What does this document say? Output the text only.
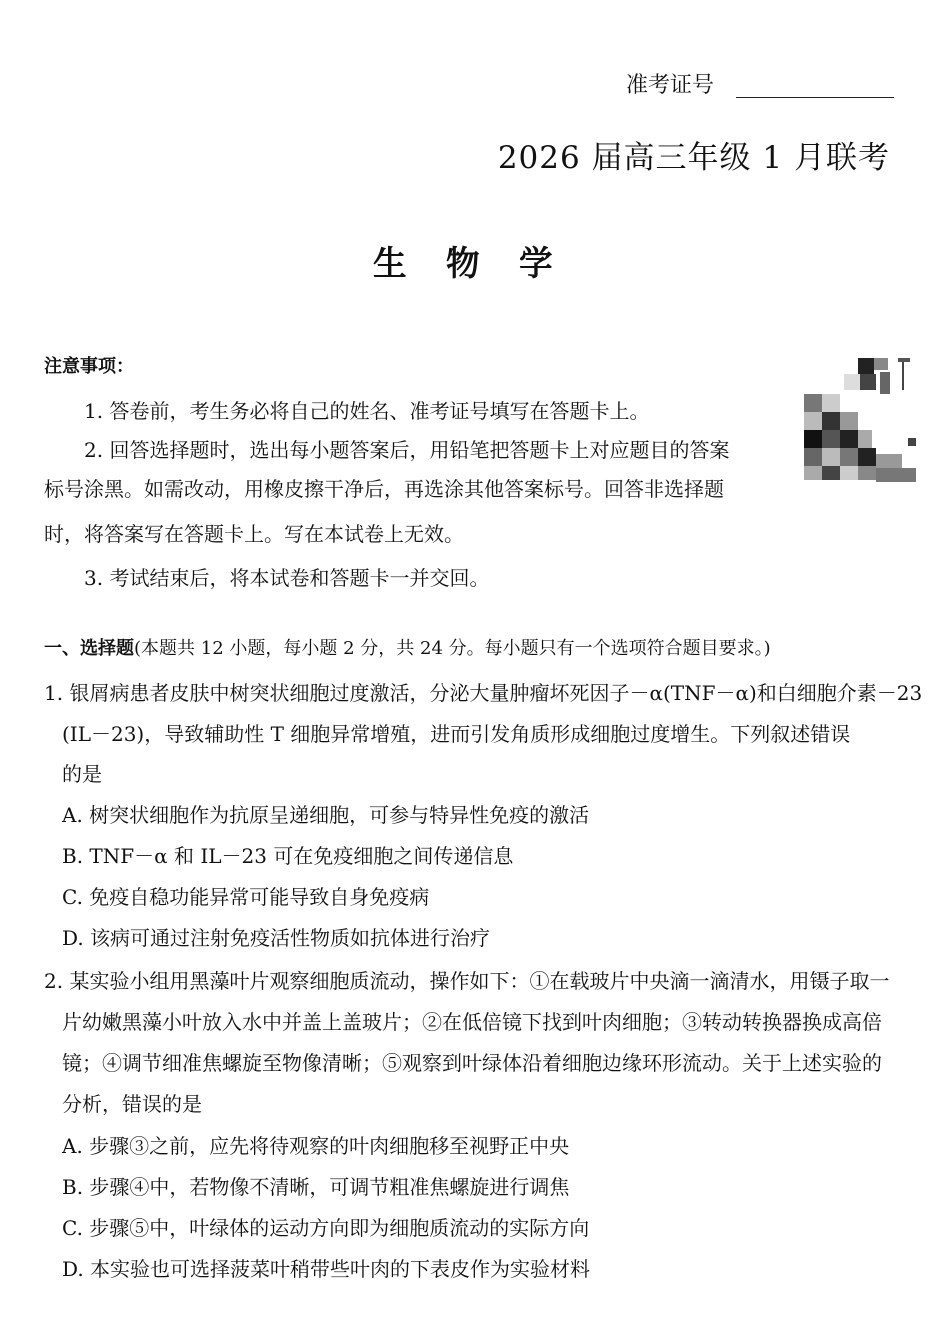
准考证号
2026 届高三年级 1 月联考
生 物 学
注意事项：
1. 答卷前，考生务必将自己的姓名、准考证号填写在答题卡上。
2. 回答选择题时，选出每小题答案后，用铅笔把答题卡上对应题目的答案
标号涂黑。如需改动，用橡皮擦干净后，再选涂其他答案标号。回答非选择题
时，将答案写在答题卡上。写在本试卷上无效。
3. 考试结束后，将本试卷和答题卡一并交回。
一、选择题(本题共 12 小题，每小题 2 分，共 24 分。每小题只有一个选项符合题目要求。)
1. 银屑病患者皮肤中树突状细胞过度激活，分泌大量肿瘤坏死因子－α(TNF－α)和白细胞介素－23
(IL－23)，导致辅助性 T 细胞异常增殖，进而引发角质形成细胞过度增生。下列叙述错误
的是
A. 树突状细胞作为抗原呈递细胞，可参与特异性免疫的激活
B. TNF－α 和 IL－23 可在免疫细胞之间传递信息
C. 免疫自稳功能异常可能导致自身免疫病
D. 该病可通过注射免疫活性物质如抗体进行治疗
2. 某实验小组用黑藻叶片观察细胞质流动，操作如下：①在载玻片中央滴一滴清水，用镊子取一
片幼嫩黑藻小叶放入水中并盖上盖玻片；②在低倍镜下找到叶肉细胞；③转动转换器换成高倍
镜；④调节细准焦螺旋至物像清晰；⑤观察到叶绿体沿着细胞边缘环形流动。关于上述实验的
分析，错误的是
A. 步骤③之前，应先将待观察的叶肉细胞移至视野正中央
B. 步骤④中，若物像不清晰，可调节粗准焦螺旋进行调焦
C. 步骤⑤中，叶绿体的运动方向即为细胞质流动的实际方向
D. 本实验也可选择菠菜叶稍带些叶肉的下表皮作为实验材料
